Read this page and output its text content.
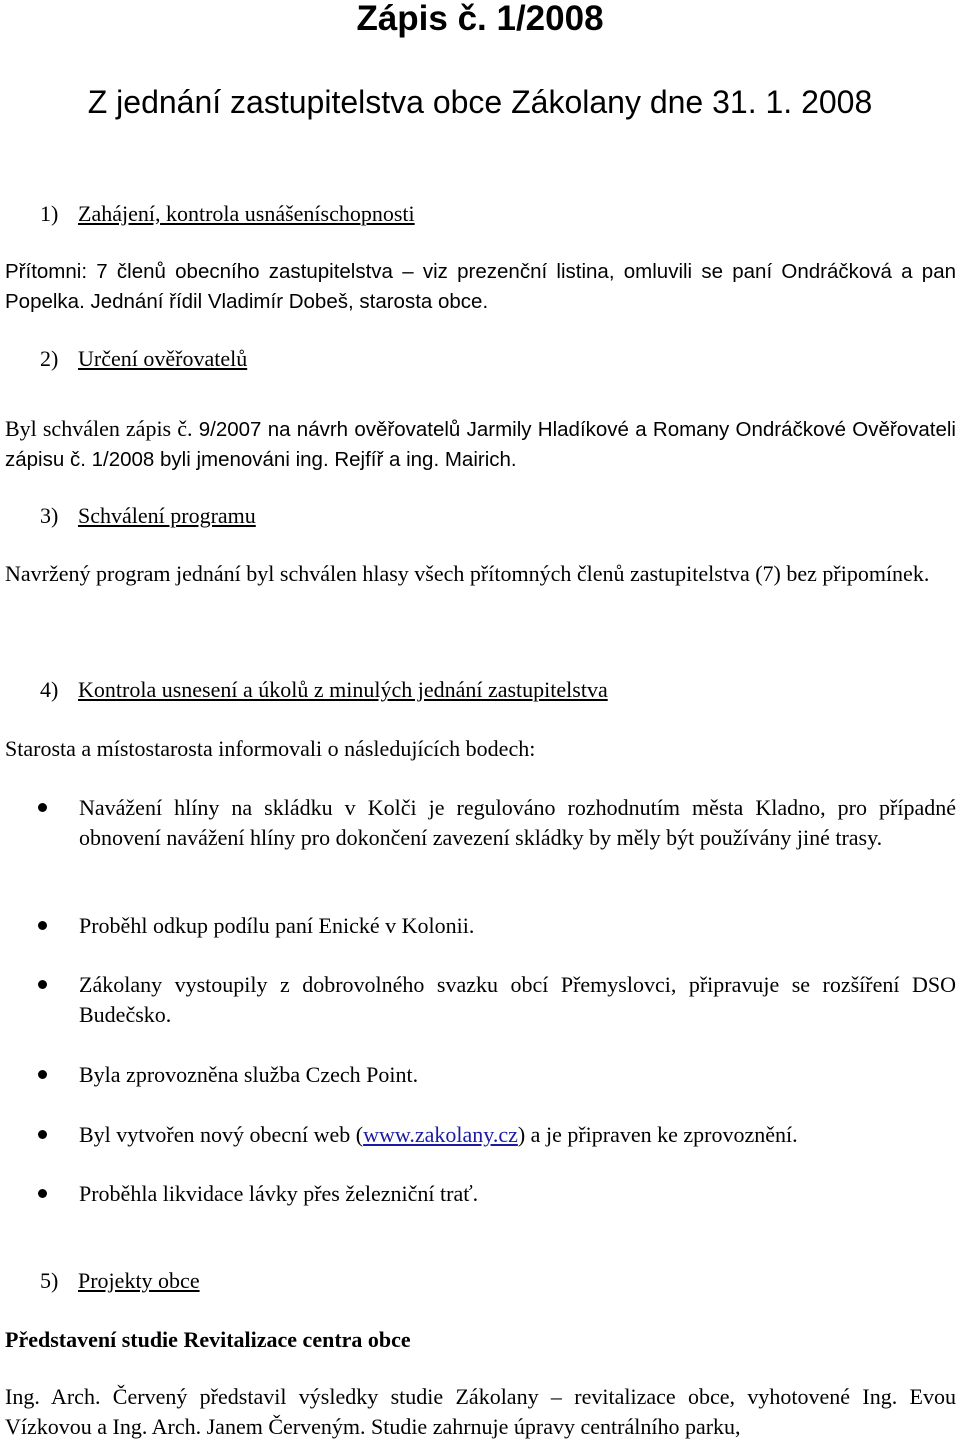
Zápis č. 1/2008
Z jednání zastupitelstva obce Zákolany dne 31. 1. 2008
1) Zahájení, kontrola usnášeníschopnosti
Přítomni: 7 členů obecního zastupitelstva – viz prezenční listina, omluvili se paní Ondráčková a pan Popelka. Jednání řídil Vladimír Dobeš, starosta obce.
2) Určení ověřovatelů
Byl schválen zápis č. 9/2007 na návrh ověřovatelů Jarmily Hladíkové a Romany Ondráčkové Ověřovateli zápisu č. 1/2008 byli jmenováni ing. Rejfíř a ing. Mairich.
3) Schválení programu
Navržený program jednání byl schválen hlasy všech přítomných členů zastupitelstva (7) bez připomínek.
4) Kontrola usnesení a úkolů z minulých jednání zastupitelstva
Starosta a místostarosta informovali o následujících bodech:
Navážení hlíny na skládku v Kolči je regulováno rozhodnutím města Kladno, pro případné obnovení navážení hlíny pro dokončení zavezení skládky by měly být používány jiné trasy.
Proběhl odkup podílu paní Enické v Kolonii.
Zákolany vystoupily z dobrovolného svazku obcí Přemyslovci, připravuje se rozšíření DSO Budečsko.
Byla zprovozněna služba Czech Point.
Byl vytvořen nový obecní web (www.zakolany.cz) a je připraven ke zprovoznění.
Proběhla likvidace lávky přes železniční trať.
5) Projekty obce
Představení studie Revitalizace centra obce
Ing. Arch. Červený představil výsledky studie Zákolany – revitalizace obce, vyhotovené Ing. Evou Vízkovou a Ing. Arch. Janem Červeným. Studie zahrnuje úpravy centrálního parku,
